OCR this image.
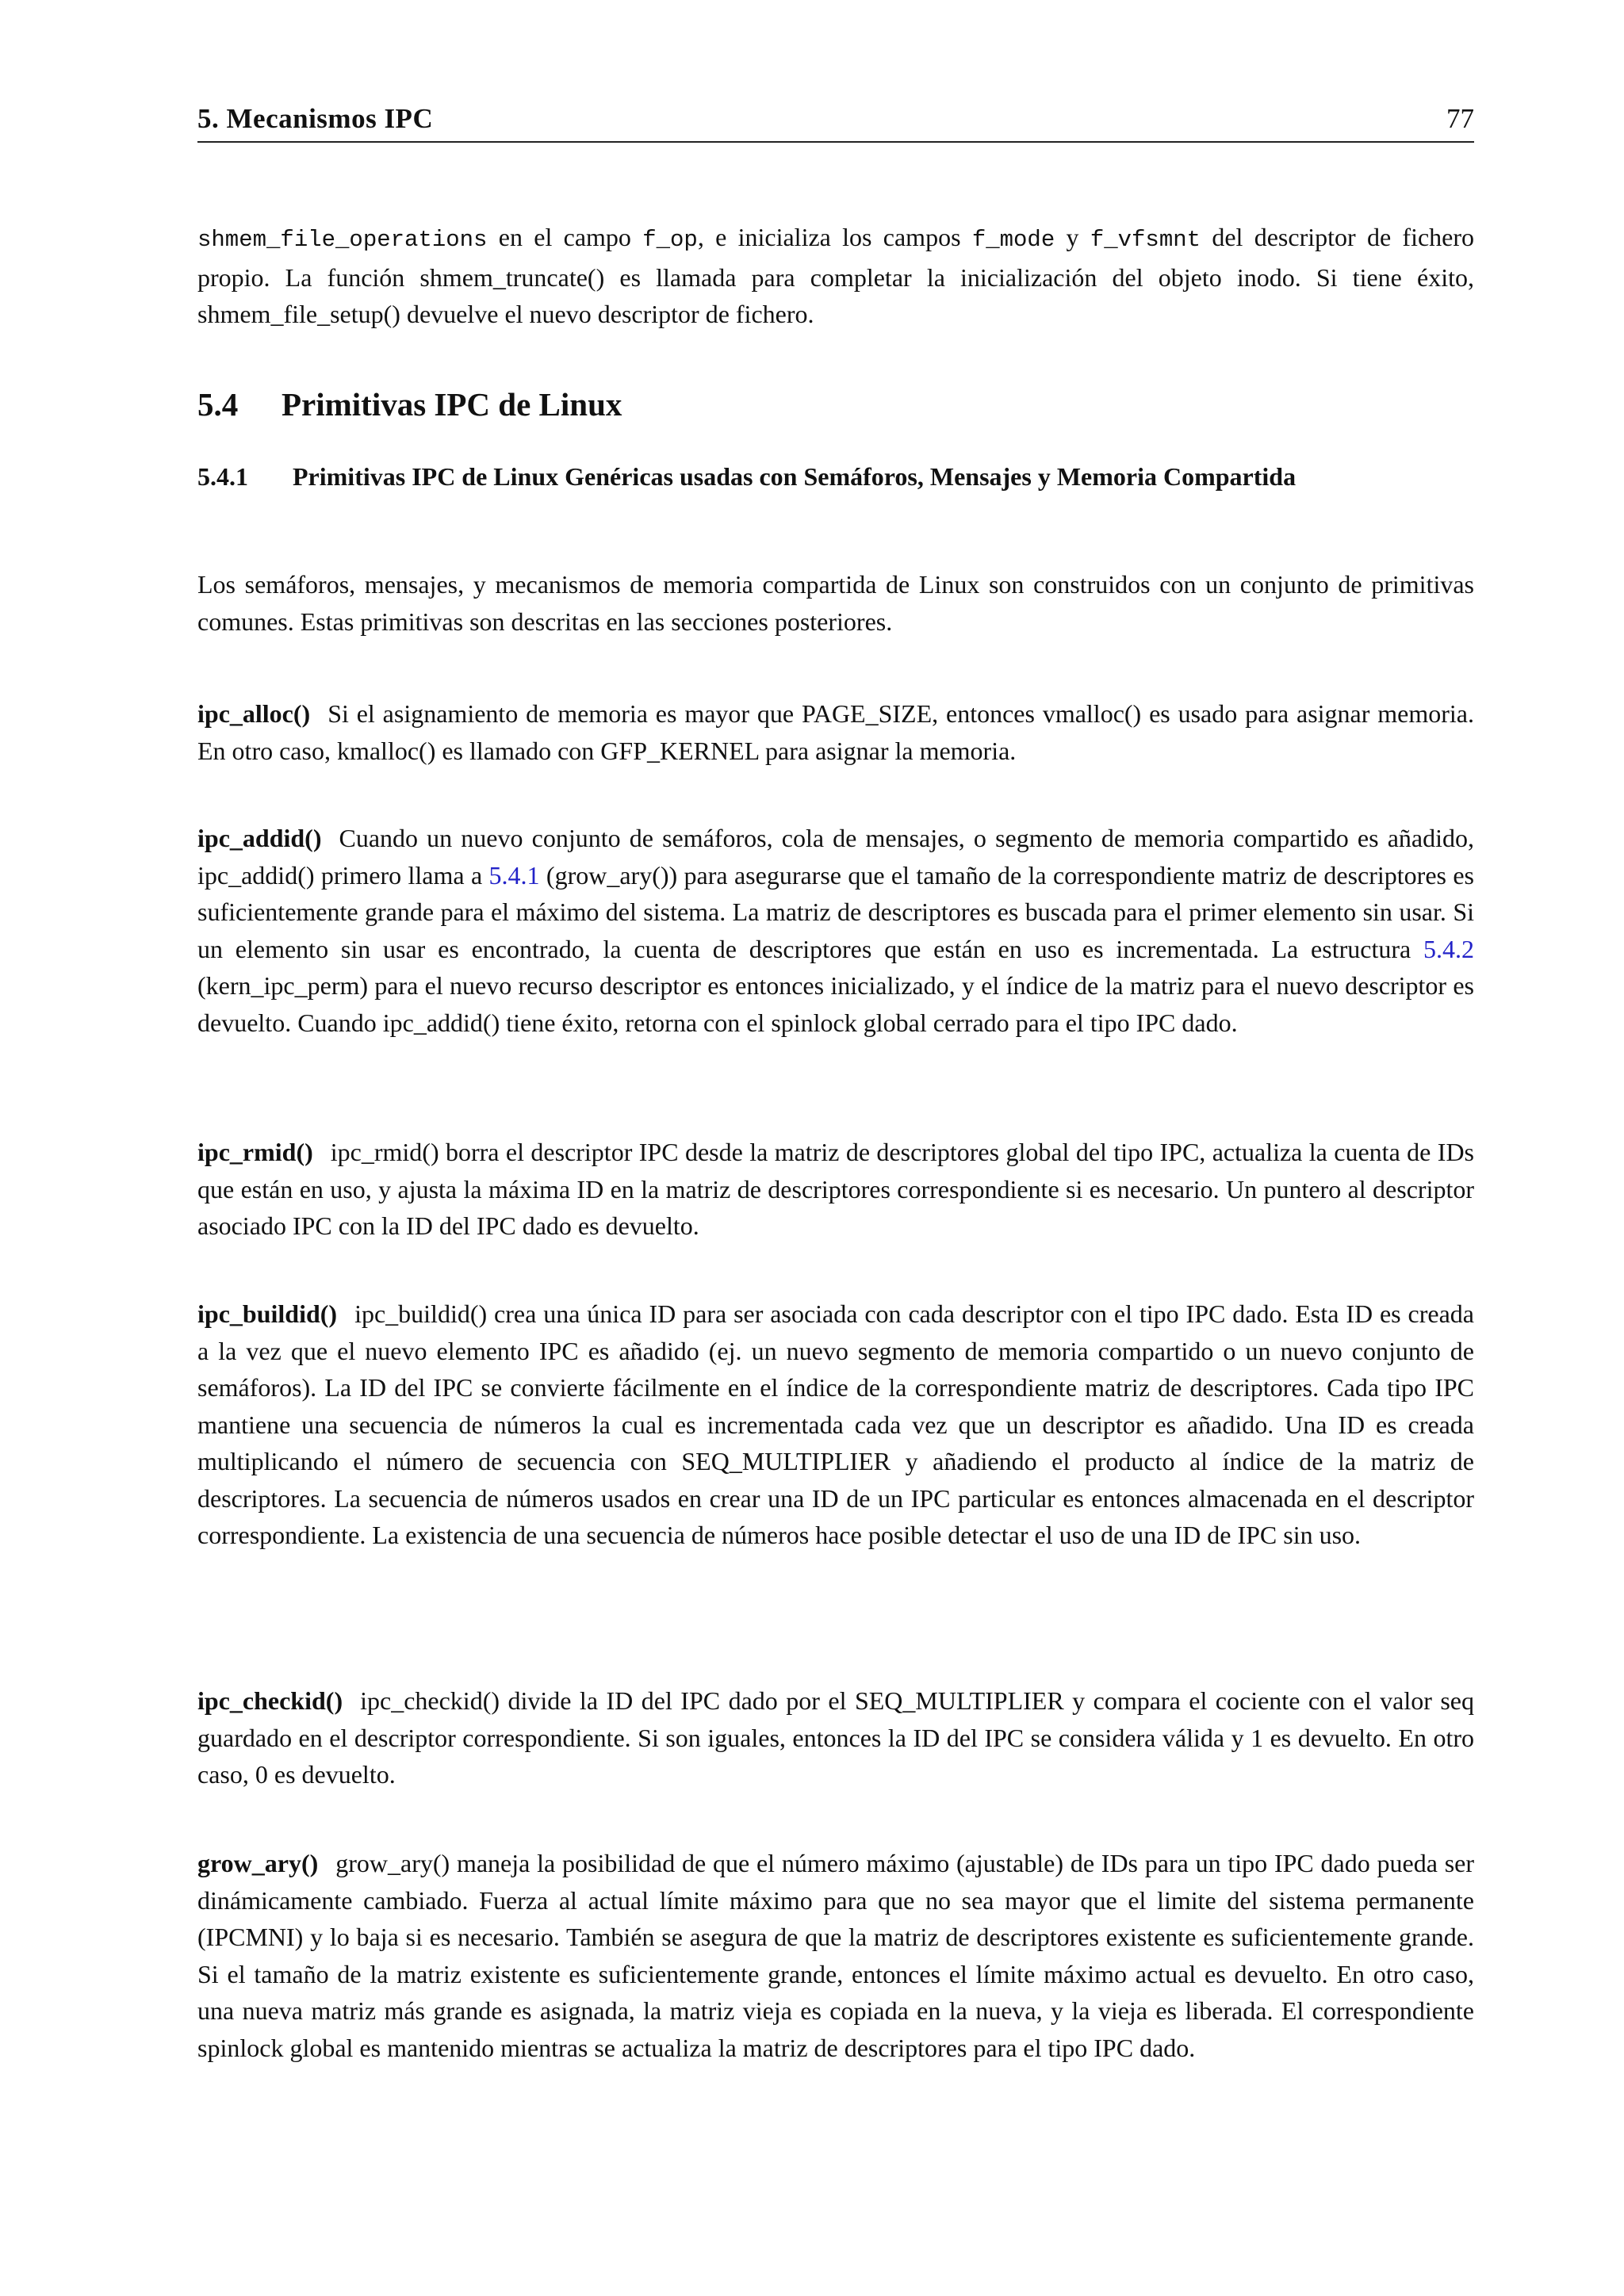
5. Mecanismos IPC	77

shmem_file_operations en el campo f_op, e inicializa los campos f_mode y f_vfsmnt del descriptor de fichero propio. La función shmem_truncate() es llamada para completar la inicialización del objeto inodo. Si tiene éxito, shmem_file_setup() devuelve el nuevo descriptor de fichero.

5.4 Primitivas IPC de Linux
5.4.1 Primitivas IPC de Linux Genéricas usadas con Semáforos, Mensajes y Memoria Compartida
Los semáforos, mensajes, y mecanismos de memoria compartida de Linux son construidos con un conjunto de primitivas comunes. Estas primitivas son descritas en las secciones posteriores.
ipc_alloc() Si el asignamiento de memoria es mayor que PAGE_SIZE, entonces vmalloc() es usado para asignar memoria. En otro caso, kmalloc() es llamado con GFP_KERNEL para asignar la memoria.
ipc_addid() Cuando un nuevo conjunto de semáforos, cola de mensajes, o segmento de memoria compartido es añadido, ipc_addid() primero llama a 5.4.1 (grow_ary()) para asegurarse que el tamaño de la correspondiente matriz de descriptores es suficientemente grande para el máximo del sistema. La matriz de descriptores es buscada para el primer elemento sin usar. Si un elemento sin usar es encontrado, la cuenta de descriptores que están en uso es incrementada. La estructura 5.4.2 (kern_ipc_perm) para el nuevo recurso descriptor es entonces inicializado, y el índice de la matriz para el nuevo descriptor es devuelto. Cuando ipc_addid() tiene éxito, retorna con el spinlock global cerrado para el tipo IPC dado.
ipc_rmid() ipc_rmid() borra el descriptor IPC desde la matriz de descriptores global del tipo IPC, actualiza la cuenta de IDs que están en uso, y ajusta la máxima ID en la matriz de descriptores correspondiente si es necesario. Un puntero al descriptor asociado IPC con la ID del IPC dado es devuelto.
ipc_buildid() ipc_buildid() crea una única ID para ser asociada con cada descriptor con el tipo IPC dado. Esta ID es creada a la vez que el nuevo elemento IPC es añadido (ej. un nuevo segmento de memoria compartido o un nuevo conjunto de semáforos). La ID del IPC se convierte fácilmente en el índice de la correspondiente matriz de descriptores. Cada tipo IPC mantiene una secuencia de números la cual es incrementada cada vez que un descriptor es añadido. Una ID es creada multiplicando el número de secuencia con SEQ_MULTIPLIER y añadiendo el producto al índice de la matriz de descriptores. La secuencia de números usados en crear una ID de un IPC particular es entonces almacenada en el descriptor correspondiente. La existencia de una secuencia de números hace posible detectar el uso de una ID de IPC sin uso.
ipc_checkid() ipc_checkid() divide la ID del IPC dado por el SEQ_MULTIPLIER y compara el cociente con el valor seq guardado en el descriptor correspondiente. Si son iguales, entonces la ID del IPC se considera válida y 1 es devuelto. En otro caso, 0 es devuelto.
grow_ary() grow_ary() maneja la posibilidad de que el número máximo (ajustable) de IDs para un tipo IPC dado pueda ser dinámicamente cambiado. Fuerza al actual límite máximo para que no sea mayor que el limite del sistema permanente (IPCMNI) y lo baja si es necesario. También se asegura de que la matriz de descriptores existente es suficientemente grande. Si el tamaño de la matriz existente es suficientemente grande, entonces el límite máximo actual es devuelto. En otro caso, una nueva matriz más grande es asignada, la matriz vieja es copiada en la nueva, y la vieja es liberada. El correspondiente spinlock global es mantenido mientras se actualiza la matriz de descriptores para el tipo IPC dado.
